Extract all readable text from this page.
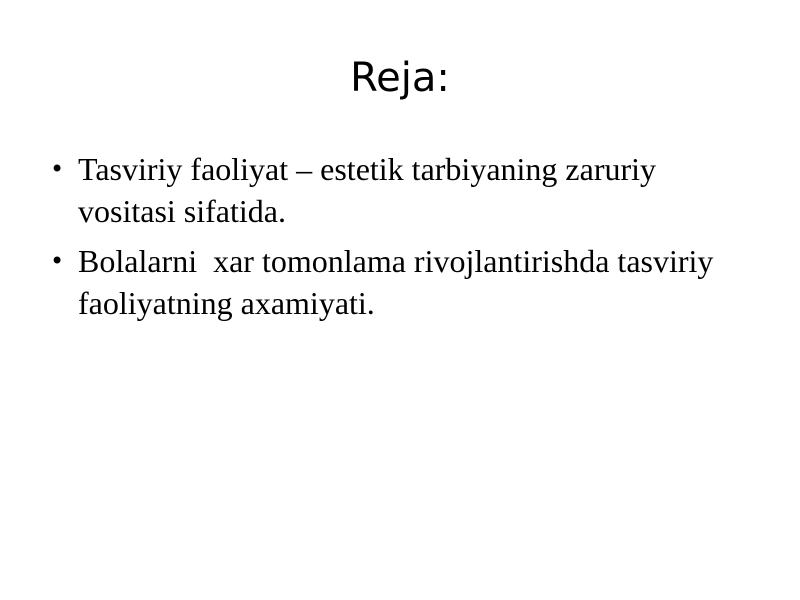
Reja:
• Tasviriy faoliyat – estetik tarbiyaning zaruriy vositasi sifatida.
• Bolalarni  xar tomonlama rivojlantirishda tasviriy faoliyatning axamiyati.
